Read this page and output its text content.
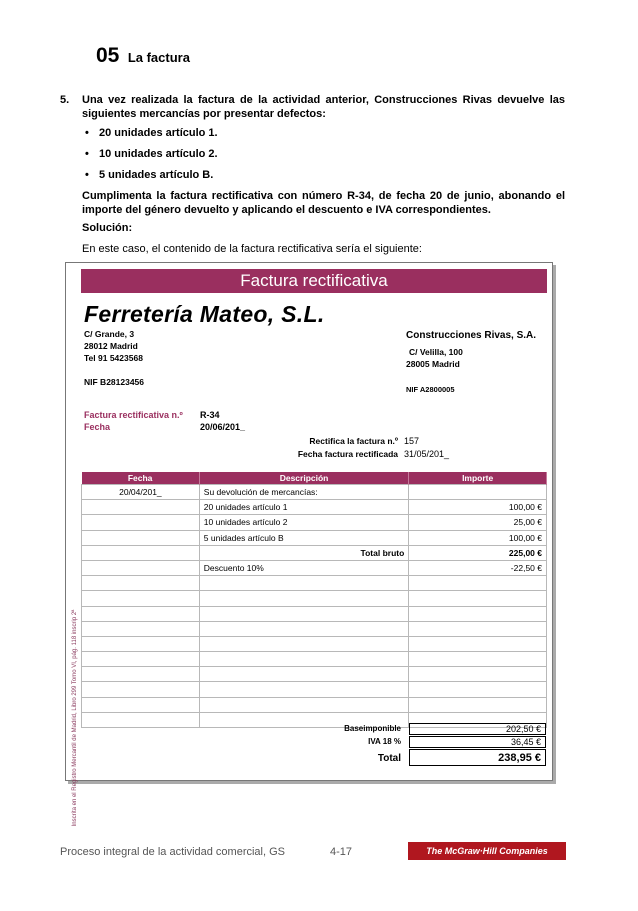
05 La factura
5. Una vez realizada la factura de la actividad anterior, Construcciones Rivas devuelve las siguientes mercancías por presentar defectos:

• 20 unidades artículo 1.
• 10 unidades artículo 2.
• 5 unidades artículo B.

Cumplimenta la factura rectificativa con número R-34, de fecha 20 de junio, abonando el importe del género devuelto y aplicando el descuento e IVA correspondientes.

Solución:

En este caso, el contenido de la factura rectificativa sería el siguiente:

Factura rectificativa
Ferretería Mateo, S.L.
C/ Grande, 3
28012 Madrid
Tel 91 5423568
NIF B28123456
Construcciones Rivas, S.A.
C/ Velilla, 100
28005 Madrid
NIF A2800005
Inscrita en el Registro Mercantil de Madrid, Libro 299 Tomo VI, pág. 118 inscrip 2ª
Factura rectificativa n.º R-34
Fecha	20/06/201_
Rectifica la factura n.º 157
Fecha factura rectificada 31/05/201_
Fecha	Descripción	Importe
20/04/201_	Su devolución de mercancías:	
	20 unidades artículo 1	100,00 €
	10 unidades artículo 2	25,00 €
	5 unidades artículo B	100,00 €
	Total bruto	225,00 €
	Descuento 10%	-22,50 €

Baseimponible	202,50 €
IVA 18 %	36,45 €
Total	238,95 €
Proceso integral de la actividad comercial, GS	4-17	The McGraw·Hill Companies
